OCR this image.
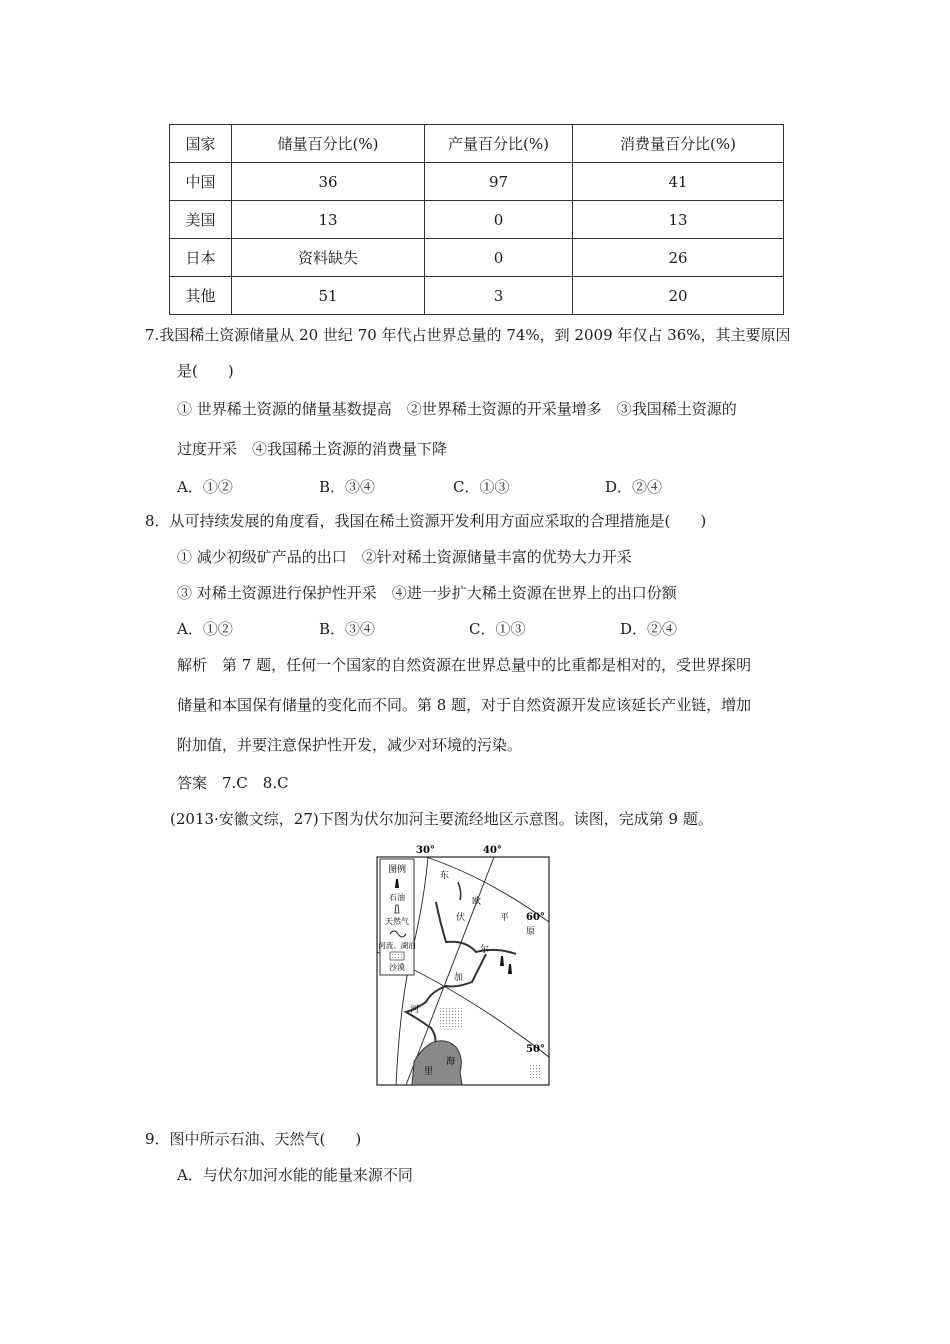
国家	储量百分比(%)	产量百分比(%)	消费量百分比(%)
中国	36	97	41
美国	13	0	13
日本	资料缺失	0	26
其他	51	3	20
7.我国稀土资源储量从 20 世纪 70 年代占世界总量的 74%，到 2009 年仅占 36%，其主要原因
是(　　)
① 世界稀土资源的储量基数提高　②世界稀土资源的开采量增多　③我国稀土资源的
过度开采　④我国稀土资源的消费量下降
A．①②	B．③④	C．①③	D．②④
8．从可持续发展的角度看，我国在稀土资源开发利用方面应采取的合理措施是(　　)
① 减少初级矿产品的出口　②针对稀土资源储量丰富的优势大力开采
③ 对稀土资源进行保护性开采　④进一步扩大稀土资源在世界上的出口份额
A．①②	B．③④	C．①③	D．②④
解析　第 7 题，任何一个国家的自然资源在世界总量中的比重都是相对的，受世界探明
储量和本国保有储量的变化而不同。第 8 题，对于自然资源开发应该延长产业链，增加
附加值，并要注意保护性开发，减少对环境的污染。
答案　7.C　8.C
(2013·安徽文综，27)下图为伏尔加河主要流经地区示意图。读图，完成第 9 题。
图例
石油
天然气
河流、湖泊
沙漠
30°	40°
60°
50°
东
欧
平
原
伏
尔
加
河
里
海
9．图中所示石油、天然气(　　)
A．与伏尔加河水能的能量来源不同
